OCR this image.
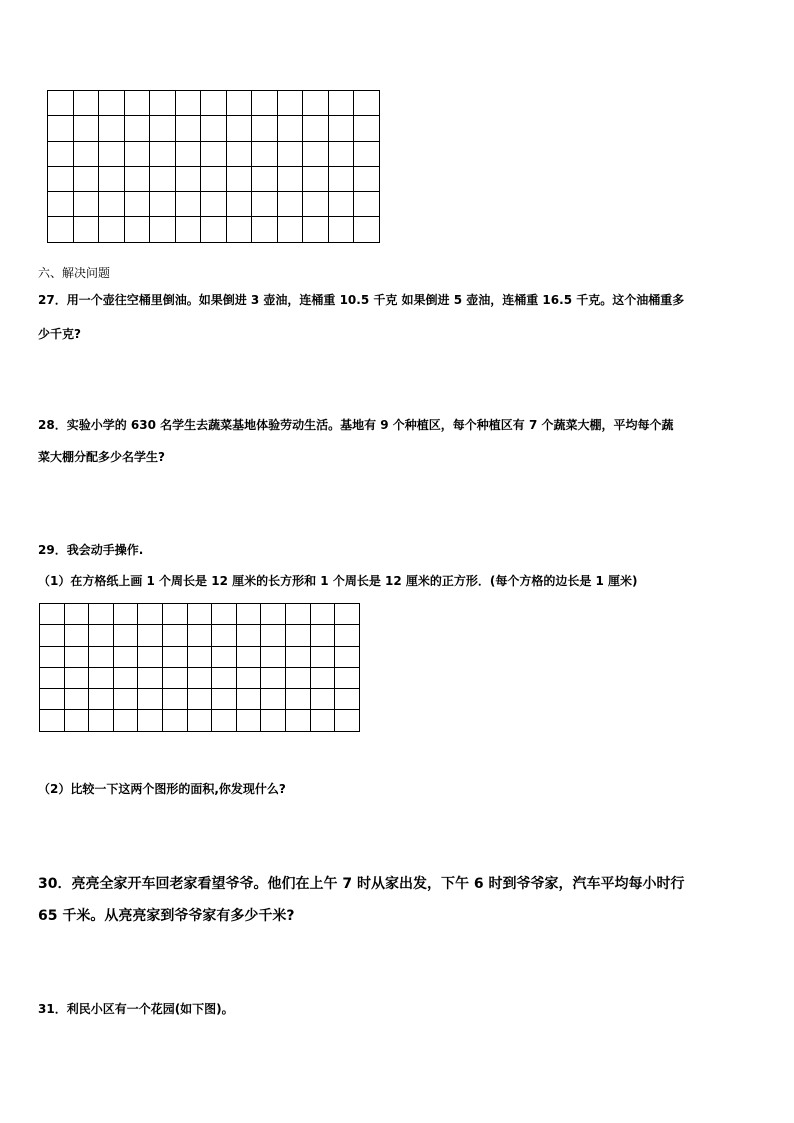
六、解决问题
27．用一个壶往空桶里倒油。如果倒进 3 壶油，连桶重 10.5 千克 如果倒进 5 壶油，连桶重 16.5 千克。这个油桶重多
少千克?
28．实验小学的 630 名学生去蔬菜基地体验劳动生活。基地有 9 个种植区，每个种植区有 7 个蔬菜大棚，平均每个蔬
菜大棚分配多少名学生?
29．我会动手操作.
（1）在方格纸上画 1 个周长是 12 厘米的长方形和 1 个周长是 12 厘米的正方形．(每个方格的边长是 1 厘米)

（2）比较一下这两个图形的面积,你发现什么?
30．亮亮全家开车回老家看望爷爷。他们在上午 7 时从家出发，下午 6 时到爷爷家，汽车平均每小时行
65 千米。从亮亮家到爷爷家有多少千米?
31．利民小区有一个花园(如下图)。
